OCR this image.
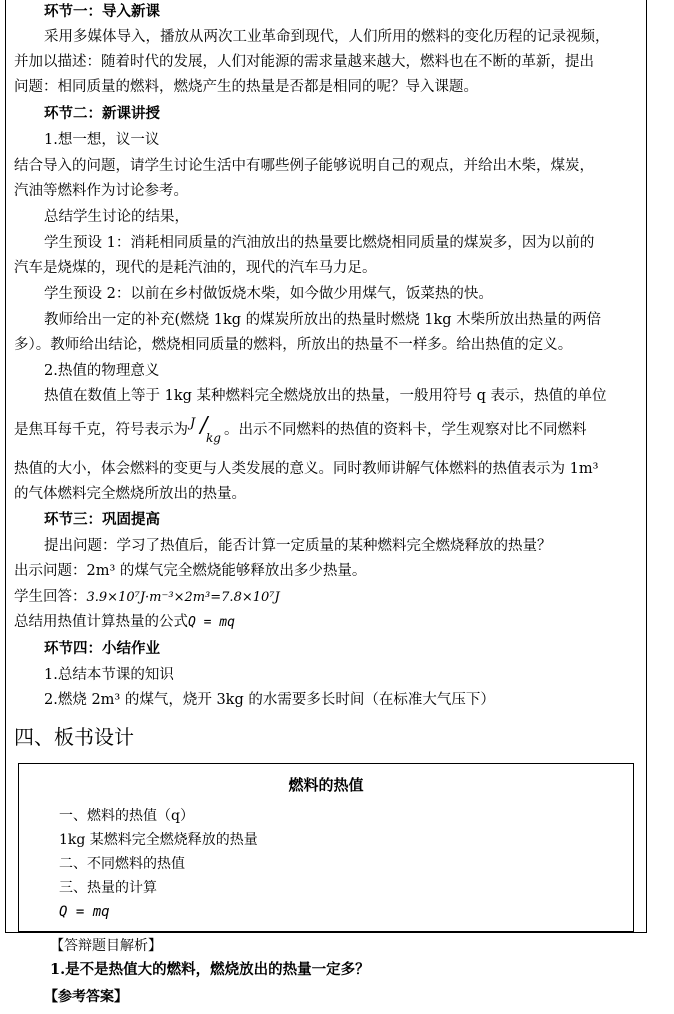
环节一：导入新课
采用多媒体导入，播放从两次工业革命到现代，人们所用的燃料的变化历程的记录视频，
并加以描述：随着时代的发展，人们对能源的需求量越来越大，燃料也在不断的革新，提出
问题：相同质量的燃料，燃烧产生的热量是否都是相同的呢？导入课题。
环节二：新课讲授
1.想一想，议一议
结合导入的问题，请学生讨论生活中有哪些例子能够说明自己的观点，并给出木柴，煤炭，
汽油等燃料作为讨论参考。
总结学生讨论的结果，
学生预设 1：消耗相同质量的汽油放出的热量要比燃烧相同质量的煤炭多，因为以前的
汽车是烧煤的，现代的是耗汽油的，现代的汽车马力足。
学生预设 2：以前在乡村做饭烧木柴，如今做少用煤气，饭菜热的快。
教师给出一定的补充(燃烧 1kg 的煤炭所放出的热量时燃烧 1kg 木柴所放出热量的两倍
多）。教师给出结论，燃烧相同质量的燃料，所放出的热量不一样多。给出热值的定义。
2.热值的物理意义
热值在数值上等于 1kg 某种燃料完全燃烧放出的热量，一般用符号 q 表示，热值的单位
是焦耳每千克，符号表示为 J /
kg 。出示不同燃料的热值的资料卡，学生观察对比不同燃料
热值的大小，体会燃料的变更与人类发展的意义。同时教师讲解气体燃料的热值表示为 1m³
的气体燃料完全燃烧所放出的热量。
环节三：巩固提高
提出问题：学习了热值后，能否计算一定质量的某种燃料完全燃烧释放的热量？
出示问题：2m³ 的煤气完全燃烧能够释放出多少热量。
学生回答：3.9×10⁷J·m⁻³×2m³=7.8×10⁷J
总结用热值计算热量的公式Q = mq
环节四：小结作业
1.总结本节课的知识
2.燃烧 2m³ 的煤气，烧开 3kg 的水需要多长时间（在标准大气压下）
四、板书设计
燃料的热值
一、燃料的热值（q）
1kg 某燃料完全燃烧释放的热量
二、不同燃料的热值
三、热量的计算
Q = mq
【答辩题目解析】
1.是不是热值大的燃料，燃烧放出的热量一定多？
【参考答案】
